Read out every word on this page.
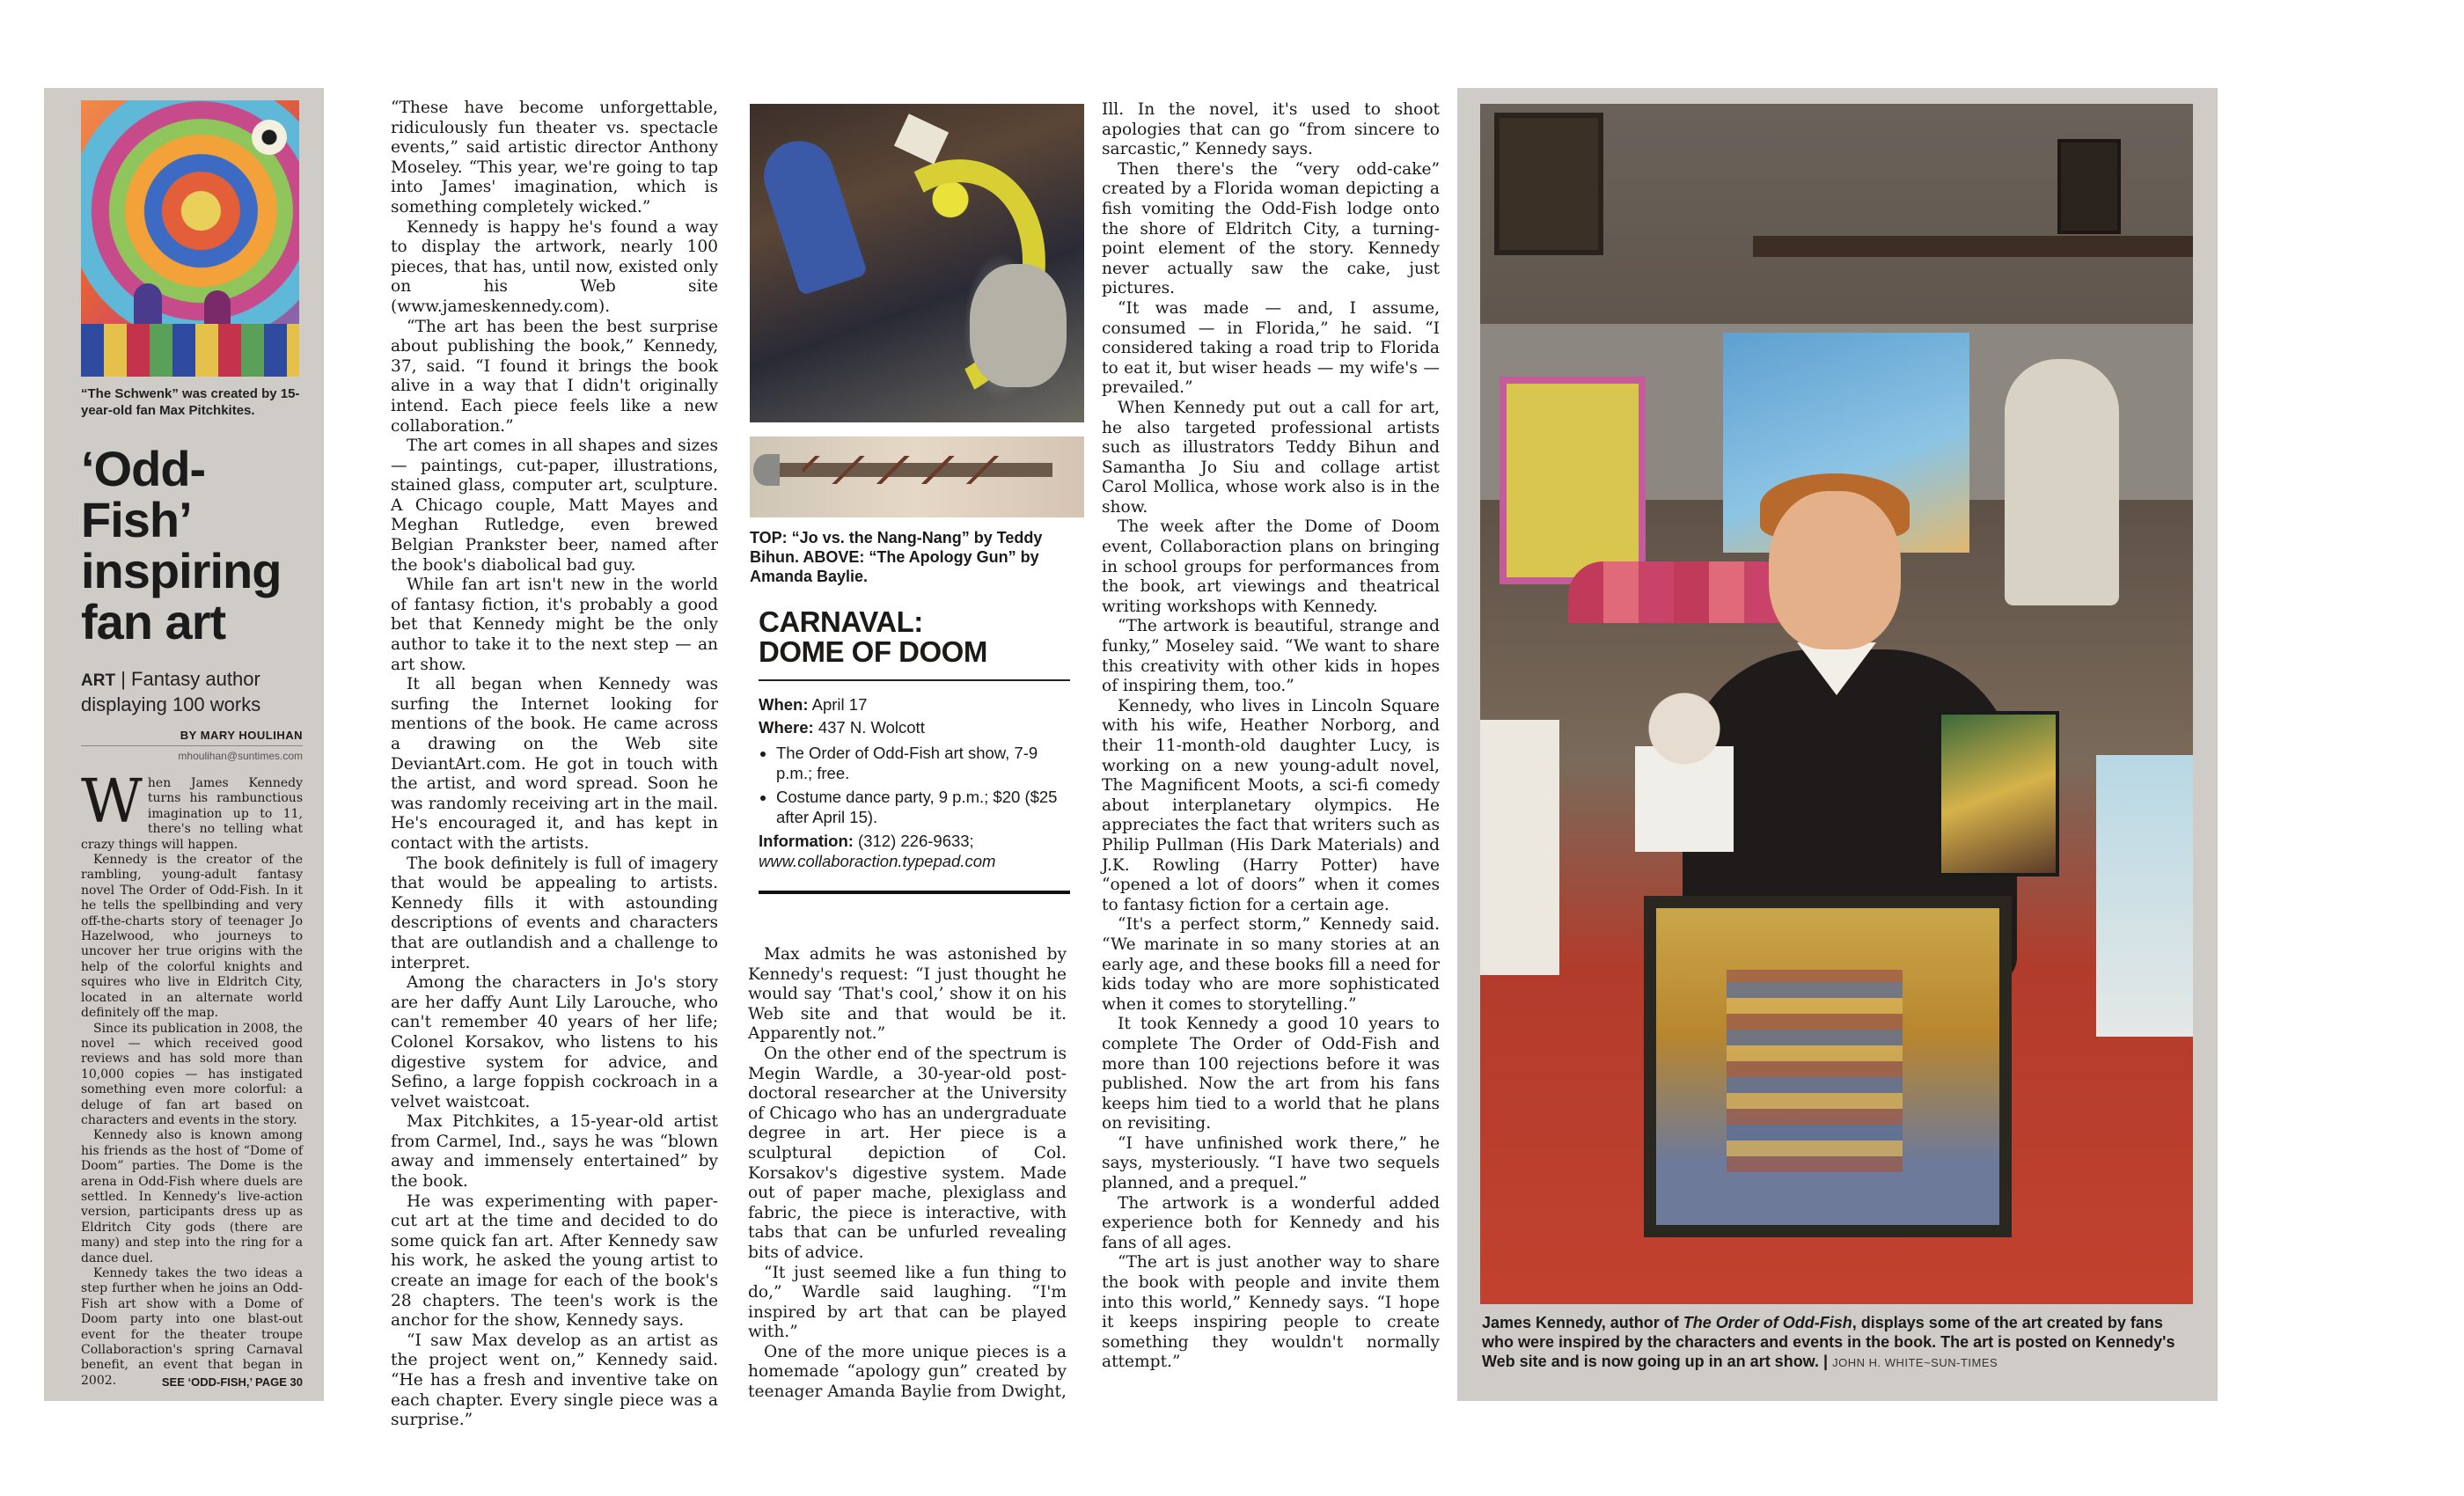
“The Schwenk” was created by 15-year-old fan Max Pitchkites.

‘Odd-Fish’ inspiring fan art
ART | Fantasy author displaying 100 works
BY MARY HOULIHAN
mhoulihan@suntimes.com

When James Kennedy turns his rambunctious imagination up to 11, there's no telling what crazy things will happen.

Kennedy is the creator of the rambling, young-adult fantasy novel The Order of Odd-Fish. In it he tells the spellbinding and very off-the-charts story of teenager Jo Hazelwood, who journeys to uncover her true origins with the help of the colorful knights and squires who live in Eldritch City, located in an alternate world definitely off the map.

Since its publication in 2008, the novel — which received good reviews and has sold more than 10,000 copies — has instigated something even more colorful: a deluge of fan art based on characters and events in the story.

Kennedy also is known among his friends as the host of “Dome of Doom” parties. The Dome is the arena in Odd-Fish where duels are settled. In Kennedy's live-action version, participants dress up as Eldritch City gods (there are many) and step into the ring for a dance duel.

Kennedy takes the two ideas a step further when he joins an Odd-Fish art show with a Dome of Doom party into one blast-out event for the theater troupe Collaboraction's spring Carnaval benefit, an event that began in 2002.	SEE ‘ODD-FISH,’ PAGE 30

“These have become unforgettable, ridiculously fun theater vs. spectacle events,” said artistic director Anthony Moseley. “This year, we're going to tap into James' imagination, which is something completely wicked.”

Kennedy is happy he's found a way to display the artwork, nearly 100 pieces, that has, until now, existed only on his Web site (www.jameskennedy.com).

“The art has been the best surprise about publishing the book,” Kennedy, 37, said. “I found it brings the book alive in a way that I didn't originally intend. Each piece feels like a new collaboration.”

The art comes in all shapes and sizes — paintings, cut-paper, illustrations, stained glass, computer art, sculpture. A Chicago couple, Matt Mayes and Meghan Rutledge, even brewed Belgian Prankster beer, named after the book's diabolical bad guy.

While fan art isn't new in the world of fantasy fiction, it's probably a good bet that Kennedy might be the only author to take it to the next step — an art show.

It all began when Kennedy was surfing the Internet looking for mentions of the book. He came across a drawing on the Web site DeviantArt.com. He got in touch with the artist, and word spread. Soon he was randomly receiving art in the mail. He's encouraged it, and has kept in contact with the artists.

The book definitely is full of imagery that would be appealing to artists. Kennedy fills it with astounding descriptions of events and characters that are outlandish and a challenge to interpret.

Among the characters in Jo's story are her daffy Aunt Lily Larouche, who can't remember 40 years of her life; Colonel Korsakov, who listens to his digestive system for advice, and Sefino, a large foppish cockroach in a velvet waistcoat.

Max Pitchkites, a 15-year-old artist from Carmel, Ind., says he was “blown away and immensely entertained” by the book.

He was experimenting with paper-cut art at the time and decided to do some quick fan art. After Kennedy saw his work, he asked the young artist to create an image for each of the book's 28 chapters. The teen's work is the anchor for the show, Kennedy says.

“I saw Max develop as an artist as the project went on,” Kennedy said. “He has a fresh and inventive take on each chapter. Every single piece was a surprise.”

TOP: “Jo vs. the Nang-Nang” by Teddy Bihun. ABOVE: “The Apology Gun” by Amanda Baylie.
CARNAVAL:
DOME OF DOOM
When: April 17
Where: 437 N. Wolcott
• The Order of Odd-Fish art show, 7-9 p.m.; free.
• Costume dance party, 9 p.m.; $20 ($25 after April 15).
Information: (312) 226-9633;
www.collaboraction.typepad.com

Max admits he was astonished by Kennedy's request: “I just thought he would say ‘That's cool,’ show it on his Web site and that would be it. Apparently not.”

On the other end of the spectrum is Megin Wardle, a 30-year-old post-doctoral researcher at the University of Chicago who has an undergraduate degree in art. Her piece is a sculptural depiction of Col. Korsakov's digestive system. Made out of paper mache, plexiglass and fabric, the piece is interactive, with tabs that can be unfurled revealing bits of advice.

“It just seemed like a fun thing to do,” Wardle said laughing. “I'm inspired by art that can be played with.”

One of the more unique pieces is a homemade “apology gun” created by teenager Amanda Baylie from Dwight,

Ill. In the novel, it's used to shoot apologies that can go “from sincere to sarcastic,” Kennedy says.

Then there's the “very odd-cake” created by a Florida woman depicting a fish vomiting the Odd-Fish lodge onto the shore of Eldritch City, a turning-point element of the story. Kennedy never actually saw the cake, just pictures.

“It was made — and, I assume, consumed — in Florida,” he said. “I considered taking a road trip to Florida to eat it, but wiser heads — my wife's — prevailed.”

When Kennedy put out a call for art, he also targeted professional artists such as illustrators Teddy Bihun and Samantha Jo Siu and collage artist Carol Mollica, whose work also is in the show.

The week after the Dome of Doom event, Collaboraction plans on bringing in school groups for performances from the book, art viewings and theatrical writing workshops with Kennedy.

“The artwork is beautiful, strange and funky,” Moseley said. “We want to share this creativity with other kids in hopes of inspiring them, too.”

Kennedy, who lives in Lincoln Square with his wife, Heather Norborg, and their 11-month-old daughter Lucy, is working on a new young-adult novel, The Magnificent Moots, a sci-fi comedy about interplanetary olympics. He appreciates the fact that writers such as Philip Pullman (His Dark Materials) and J.K. Rowling (Harry Potter) have “opened a lot of doors” when it comes to fantasy fiction for a certain age.

“It's a perfect storm,” Kennedy said. “We marinate in so many stories at an early age, and these books fill a need for kids today who are more sophisticated when it comes to storytelling.”

It took Kennedy a good 10 years to complete The Order of Odd-Fish and more than 100 rejections before it was published. Now the art from his fans keeps him tied to a world that he plans on revisiting.

“I have unfinished work there,” he says, mysteriously. “I have two sequels planned, and a prequel.”

The artwork is a wonderful added experience both for Kennedy and his fans of all ages.

“The art is just another way to share the book with people and invite them into this world,” Kennedy says. “I hope it keeps inspiring people to create something they wouldn't normally attempt.”

James Kennedy, author of The Order of Odd-Fish, displays some of the art created by fans who were inspired by the characters and events in the book. The art is posted on Kennedy's Web site and is now going up in an art show. | JOHN H. WHITE~SUN-TIMES
